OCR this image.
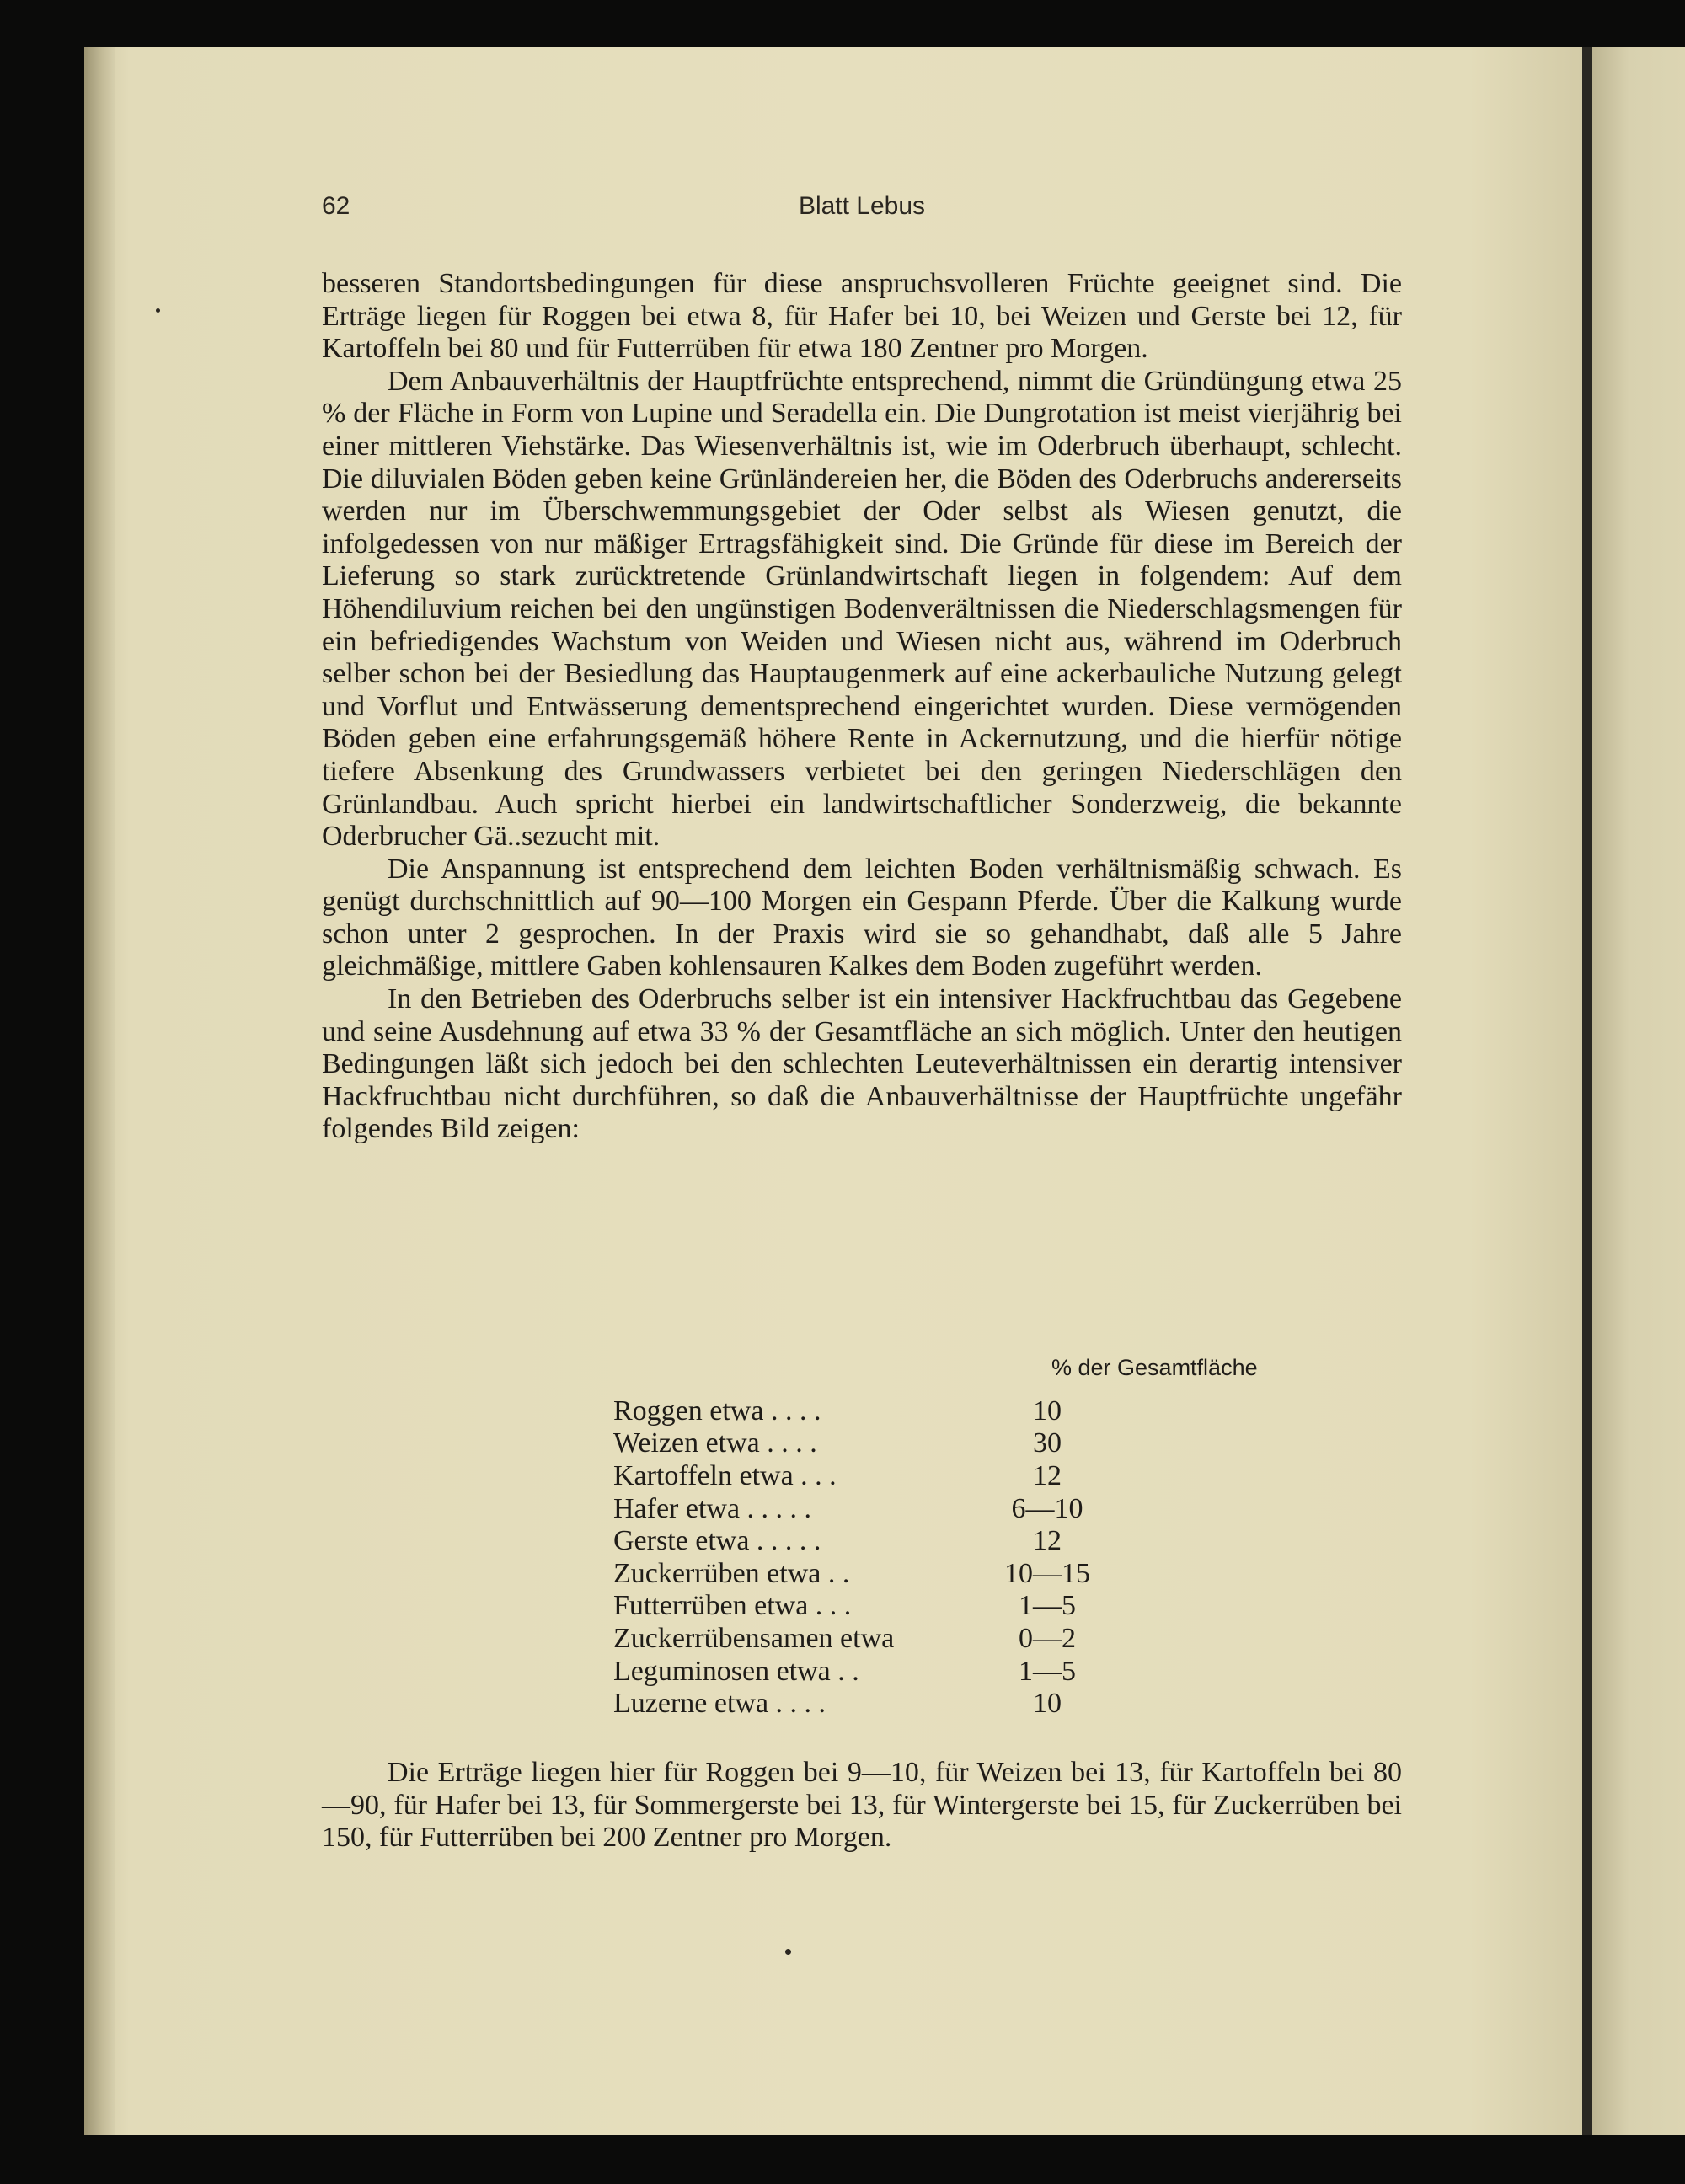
62	Blatt Lebus

besseren Standortsbedingungen für diese anspruchsvolleren Früchte geeignet sind. Die Erträge liegen für Roggen bei etwa 8, für Hafer bei 10, bei Weizen und Gerste bei 12, für Kartoffeln bei 80 und für Futterrüben für etwa 180 Zentner pro Morgen.

Dem Anbauverhältnis der Hauptfrüchte entsprechend, nimmt die Gründüngung etwa 25 % der Fläche in Form von Lupine und Seradella ein. Die Dungrotation ist meist vierjährig bei einer mittleren Viehstärke. Das Wiesenverhältnis ist, wie im Oderbruch überhaupt, schlecht. Die diluvialen Böden geben keine Grünländereien her, die Böden des Oderbruchs andererseits werden nur im Überschwemmungsgebiet der Oder selbst als Wiesen genutzt, die infolgedessen von nur mäßiger Ertragsfähigkeit sind. Die Gründe für diese im Bereich der Lieferung so stark zurücktretende Grünlandwirtschaft liegen in folgendem: Auf dem Höhendiluvium reichen bei den ungünstigen Bodenverältnissen die Niederschlagsmengen für ein befriedigendes Wachstum von Weiden und Wiesen nicht aus, während im Oderbruch selber schon bei der Besiedlung das Hauptaugenmerk auf eine ackerbauliche Nutzung gelegt und Vorflut und Entwässerung dementsprechend eingerichtet wurden. Diese vermögenden Böden geben eine erfahrungsgemäß höhere Rente in Ackernutzung, und die hierfür nötige tiefere Absenkung des Grundwassers verbietet bei den geringen Niederschlägen den Grünlandbau. Auch spricht hierbei ein landwirtschaftlicher Sonderzweig, die bekannte Oderbrucher Gä..sezucht mit.

Die Anspannung ist entsprechend dem leichten Boden verhältnismäßig schwach. Es genügt durchschnittlich auf 90—100 Morgen ein Gespann Pferde. Über die Kalkung wurde schon unter 2 gesprochen. In der Praxis wird sie so gehandhabt, daß alle 5 Jahre gleichmäßige, mittlere Gaben kohlensauren Kalkes dem Boden zugeführt werden.

In den Betrieben des Oderbruchs selber ist ein intensiver Hackfruchtbau das Gegebene und seine Ausdehnung auf etwa 33 % der Gesamtfläche an sich möglich. Unter den heutigen Bedingungen läßt sich jedoch bei den schlechten Leuteverhältnissen ein derartig intensiver Hackfruchtbau nicht durchführen, so daß die Anbauverhältnisse der Hauptfrüchte ungefähr folgendes Bild zeigen:

% der Gesamtfläche
Roggen etwa . . . .	10
Weizen etwa . . . .	30
Kartoffeln etwa . . .	12
Hafer etwa . . . . .	6—10
Gerste etwa . . . . .	12
Zuckerrüben etwa . .	10—15
Futterrüben etwa . . .	1—5
Zuckerrübensamen etwa	0—2
Leguminosen etwa . .	1—5
Luzerne etwa . . . .	10

Die Erträge liegen hier für Roggen bei 9—10, für Weizen bei 13, für Kartoffeln bei 80—90, für Hafer bei 13, für Sommergerste bei 13, für Wintergerste bei 15, für Zuckerrüben bei 150, für Futterrüben bei 200 Zentner pro Morgen.
